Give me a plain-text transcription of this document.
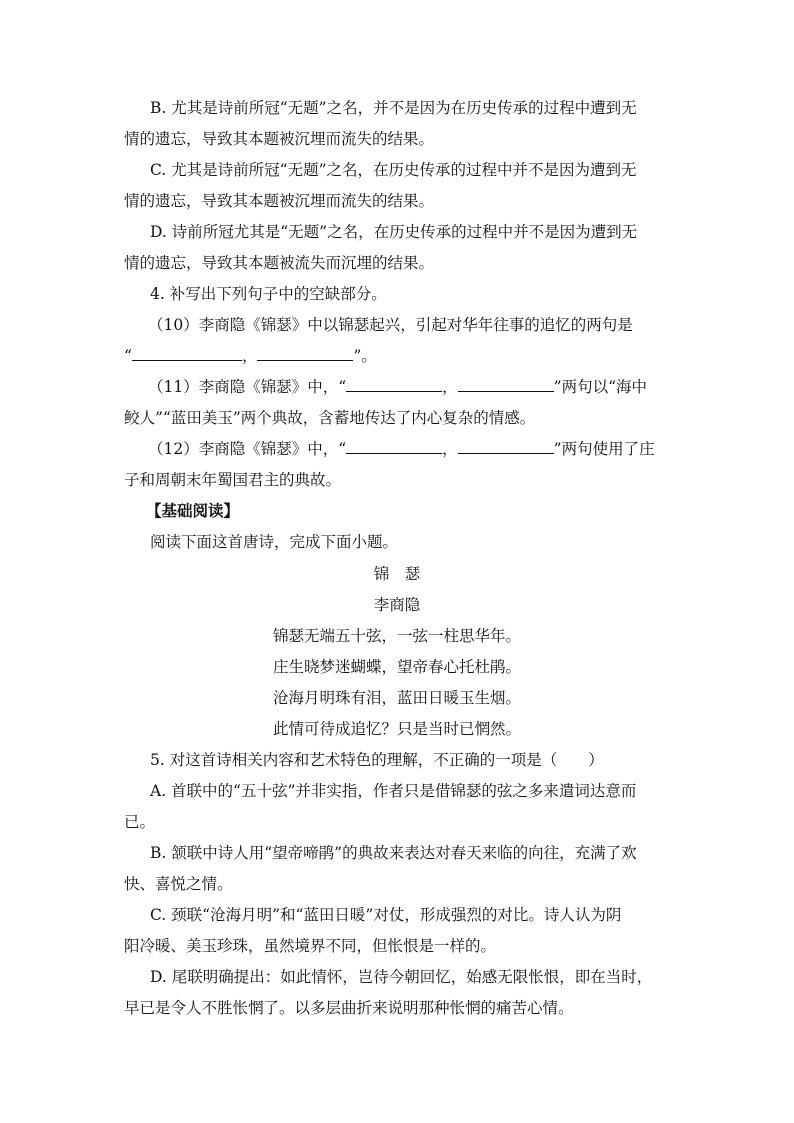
B. 尤其是诗前所冠“无题”之名，并不是因为在历史传承的过程中遭到无
情的遗忘，导致其本题被沉埋而流失的结果。
C. 尤其是诗前所冠“无题”之名，在历史传承的过程中并不是因为遭到无
情的遗忘，导致其本题被沉埋而流失的结果。
D. 诗前所冠尤其是“无题”之名，在历史传承的过程中并不是因为遭到无
情的遗忘，导致其本题被流失而沉埋的结果。
4. 补写出下列句子中的空缺部分。
（10）李商隐《锦瑟》中以锦瑟起兴，引起对华年往事的追忆的两句是
“	，	”。
（11）李商隐《锦瑟》中，“	，	”两句以“海中
鲛人”“蓝田美玉”两个典故，含蓄地传达了内心复杂的情感。
（12）李商隐《锦瑟》中，“	，	”两句使用了庄
子和周朝末年蜀国君主的典故。
【基础阅读】
阅读下面这首唐诗，完成下面小题。
锦　瑟
李商隐
锦瑟无端五十弦，一弦一柱思华年。
庄生晓梦迷蝴蝶，望帝春心托杜鹃。
沧海月明珠有泪，蓝田日暖玉生烟。
此情可待成追忆？只是当时已惘然。
5. 对这首诗相关内容和艺术特色的理解，不正确的一项是（　　）
A. 首联中的“五十弦”并非实指，作者只是借锦瑟的弦之多来遣词达意而
已。
B. 颔联中诗人用“望帝啼鹃”的典故来表达对春天来临的向往，充满了欢
快、喜悦之情。
C. 颈联“沧海月明”和“蓝田日暖”对仗，形成强烈的对比。诗人认为阴
阳冷暖、美玉珍珠，虽然境界不同，但怅恨是一样的。
D. 尾联明确提出：如此情怀，岂待今朝回忆，始感无限怅恨，即在当时，
早已是令人不胜怅惘了。以多层曲折来说明那种怅惘的痛苦心情。
